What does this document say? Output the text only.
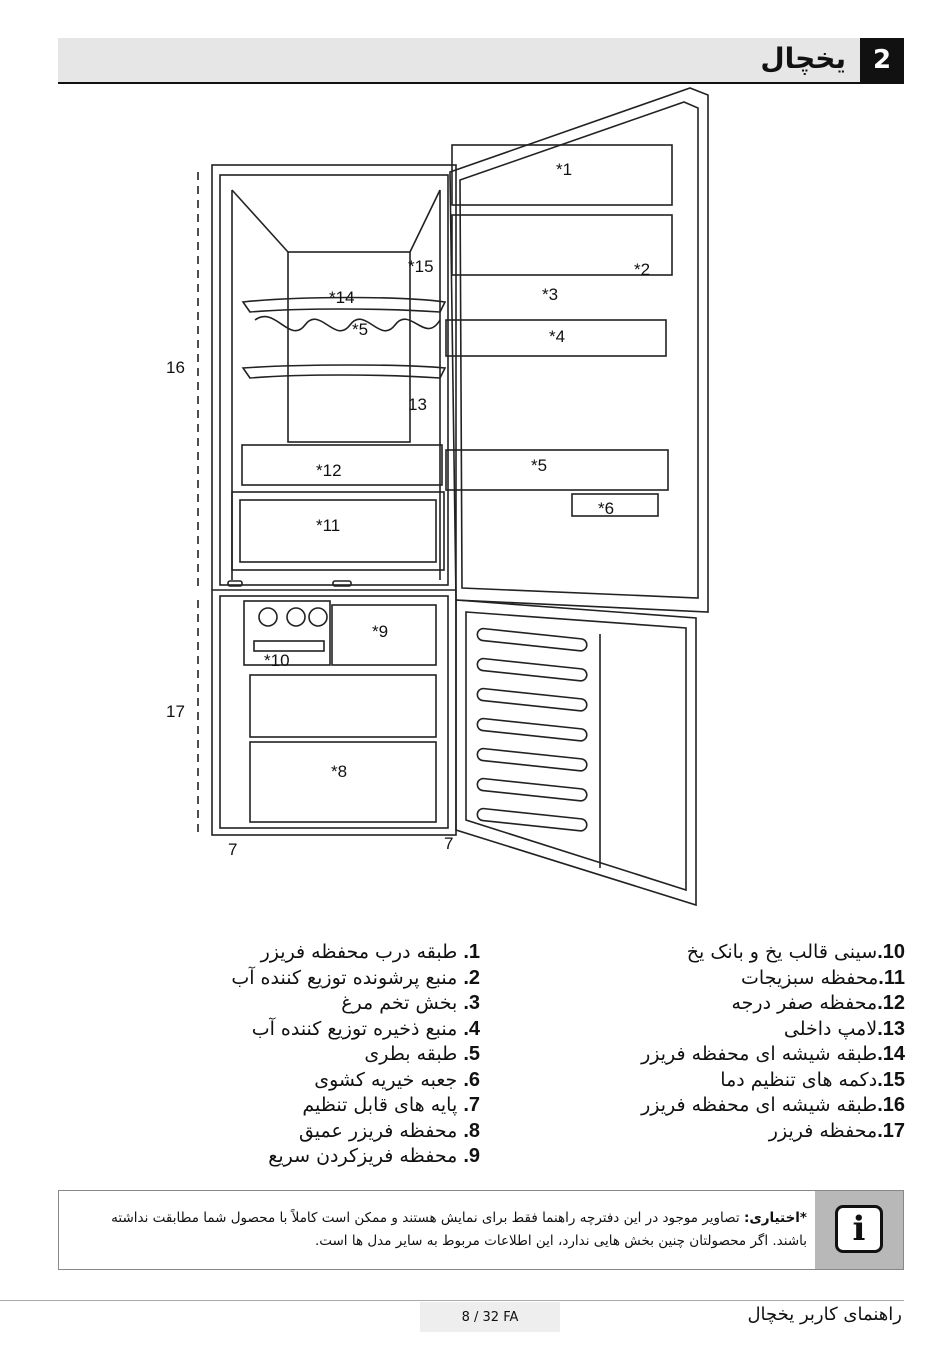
یخچال	2
*1
*2
*3
*4
*5
*5
*6
7	7
*8
*9
*10
*11
*12
13
*14
*15
16
17
1. طبقه درب محفظه فریزر
2. منبع پرشونده توزیع کننده آب
3. بخش تخم مرغ
4. منبع ذخیره توزیع کننده آب
5. طبقه بطری
6. جعبه خیریه کشوی
7. پایه های قابل تنظیم
8. محفظه فریزر عمیق
9. محفظه فریزکردن سریع
10.سینی قالب یخ و بانک یخ
11.محفظه سبزیجات
12.محفظه صفر درجه
13.لامپ داخلی
14.طبقه شیشه ای محفظه فریزر
15.دکمه های تنظیم دما
16.طبقه شیشه ای محفظه فریزر
17.محفظه فریزر
i
*اختیاری: تصاویر موجود در این دفترچه راهنما فقط برای نمایش هستند و ممکن است کاملاً با محصول شما مطابقت نداشته باشند. اگر محصولتان چنین بخش هایی ندارد، این اطلاعات مربوط به سایر مدل ها است.
راهنمای کاربر یخچال
8 / 32 FA
